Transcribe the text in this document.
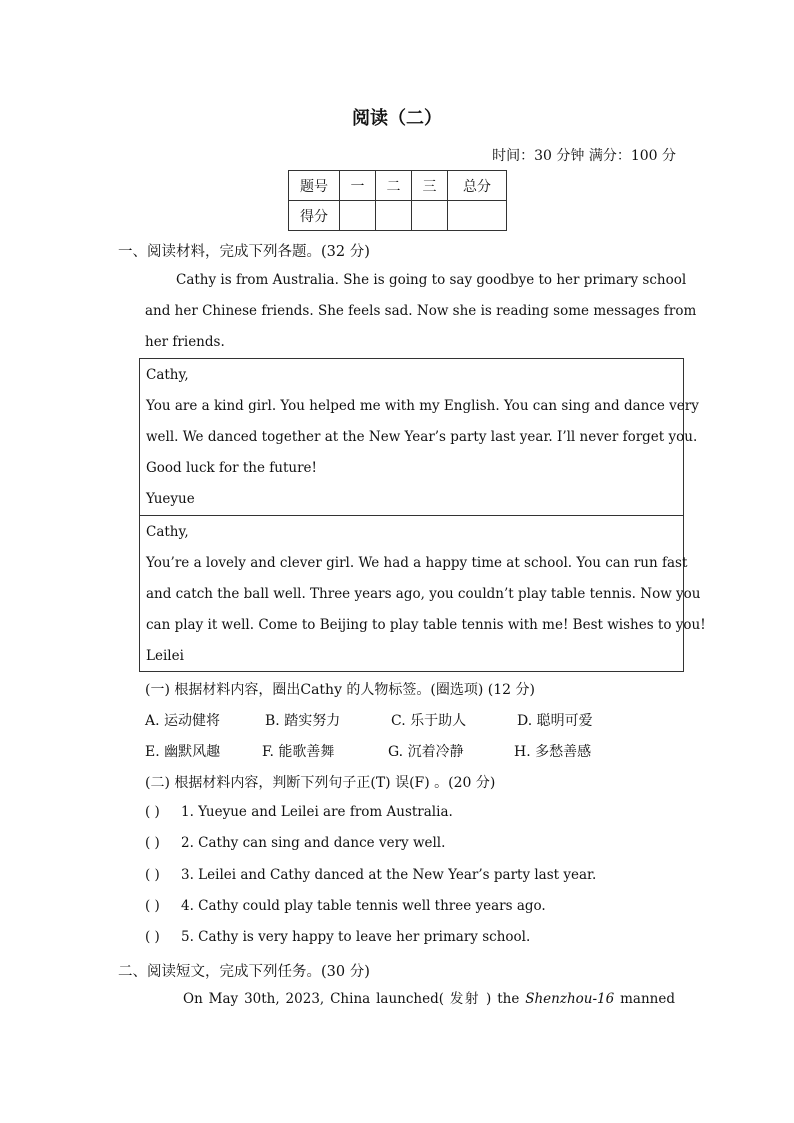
阅读（二）
时间：30 分钟 满分：100 分
题号	一	二	三	总分
得分				
一、阅读材料，完成下列各题。(32 分)
Cathy is from Australia. She is going to say goodbye to her primary school
and her Chinese friends. She feels sad. Now she is reading some messages from
her friends.
Cathy,
You are a kind girl. You helped me with my English. You can sing and dance very
well. We danced together at the New Year’s party last year. I’ll never forget you.
Good luck for the future!
Yueyue
Cathy,
You’re a lovely and clever girl. We had a happy time at school. You can run fast
and catch the ball well. Three years ago, you couldn’t play table tennis. Now you
can play it well. Come to Beijing to play table tennis with me! Best wishes to you!
Leilei
(一) 根据材料内容，圈出Cathy 的人物标签。(圈选项) (12 分)
A. 运动健将	B. 踏实努力	C. 乐于助人	D. 聪明可爱
E. 幽默风趣	F. 能歌善舞	G. 沉着冷静	H. 多愁善感
(二) 根据材料内容，判断下列句子正(T) 误(F) 。(20 分)
( ) 1. Yueyue and Leilei are from Australia.
( ) 2. Cathy can sing and dance very well.
( ) 3. Leilei and Cathy danced at the New Year’s party last year.
( ) 4. Cathy could play table tennis well three years ago.
( ) 5. Cathy is very happy to leave her primary school.
二、阅读短文，完成下列任务。(30 分)
On May 30th, 2023, China launched( 发射 ) the Shenzhou-16 manned
